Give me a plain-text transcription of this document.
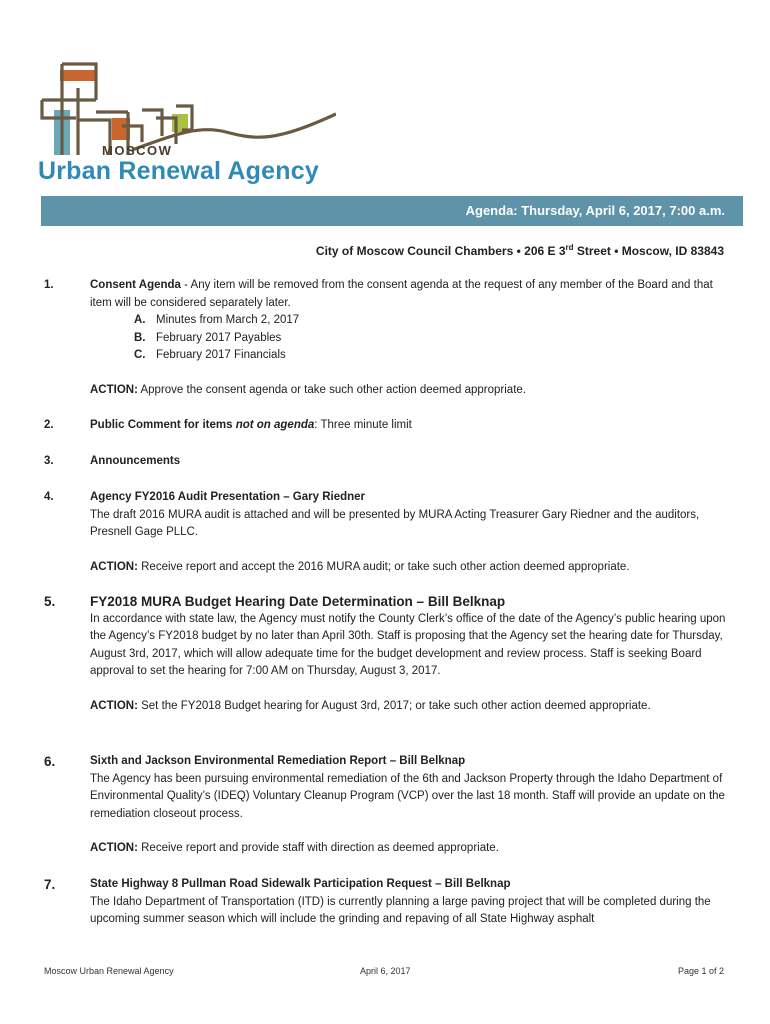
MOSCOW
Urban Renewal Agency
Agenda: Thursday, April 6, 2017, 7:00 a.m.
City of Moscow Council Chambers • 206 E 3rd Street • Moscow, ID 83843
1.	Consent Agenda - Any item will be removed from the consent agenda at the request of any member of the Board and that item will be considered separately later.

A. Minutes from March 2, 2017
B. February 2017 Payables
C. February 2017 Financials

ACTION: Approve the consent agenda or take such other action deemed appropriate.

2.	Public Comment for items not on agenda: Three minute limit

3.	Announcements

4.	Agency FY2016 Audit Presentation – Gary Riedner

The draft 2016 MURA audit is attached and will be presented by MURA Acting Treasurer Gary Riedner and the auditors, Presnell Gage PLLC.

ACTION: Receive report and accept the 2016 MURA audit; or take such other action deemed appropriate.

5.	FY2018 MURA Budget Hearing Date Determination – Bill Belknap

In accordance with state law, the Agency must notify the County Clerk’s office of the date of the Agency’s public hearing upon the Agency’s FY2018 budget by no later than April 30th. Staff is proposing that the Agency set the hearing date for Thursday, August 3rd, 2017, which will allow adequate time for the budget development and review process. Staff is seeking Board approval to set the hearing for 7:00 AM on Thursday, August 3, 2017.

ACTION: Set the FY2018 Budget hearing for August 3rd, 2017; or take such other action deemed appropriate.

6.	Sixth and Jackson Environmental Remediation Report – Bill Belknap

The Agency has been pursuing environmental remediation of the 6th and Jackson Property through the Idaho Department of Environmental Quality’s (IDEQ) Voluntary Cleanup Program (VCP) over the last 18 month. Staff will provide an update on the remediation closeout process.

ACTION: Receive report and provide staff with direction as deemed appropriate.

7.	State Highway 8 Pullman Road Sidewalk Participation Request – Bill Belknap

The Idaho Department of Transportation (ITD) is currently planning a large paving project that will be completed during the upcoming summer season which will include the grinding and repaving of all State Highway asphalt

Moscow Urban Renewal Agency	April 6, 2017	Page 1 of 2
